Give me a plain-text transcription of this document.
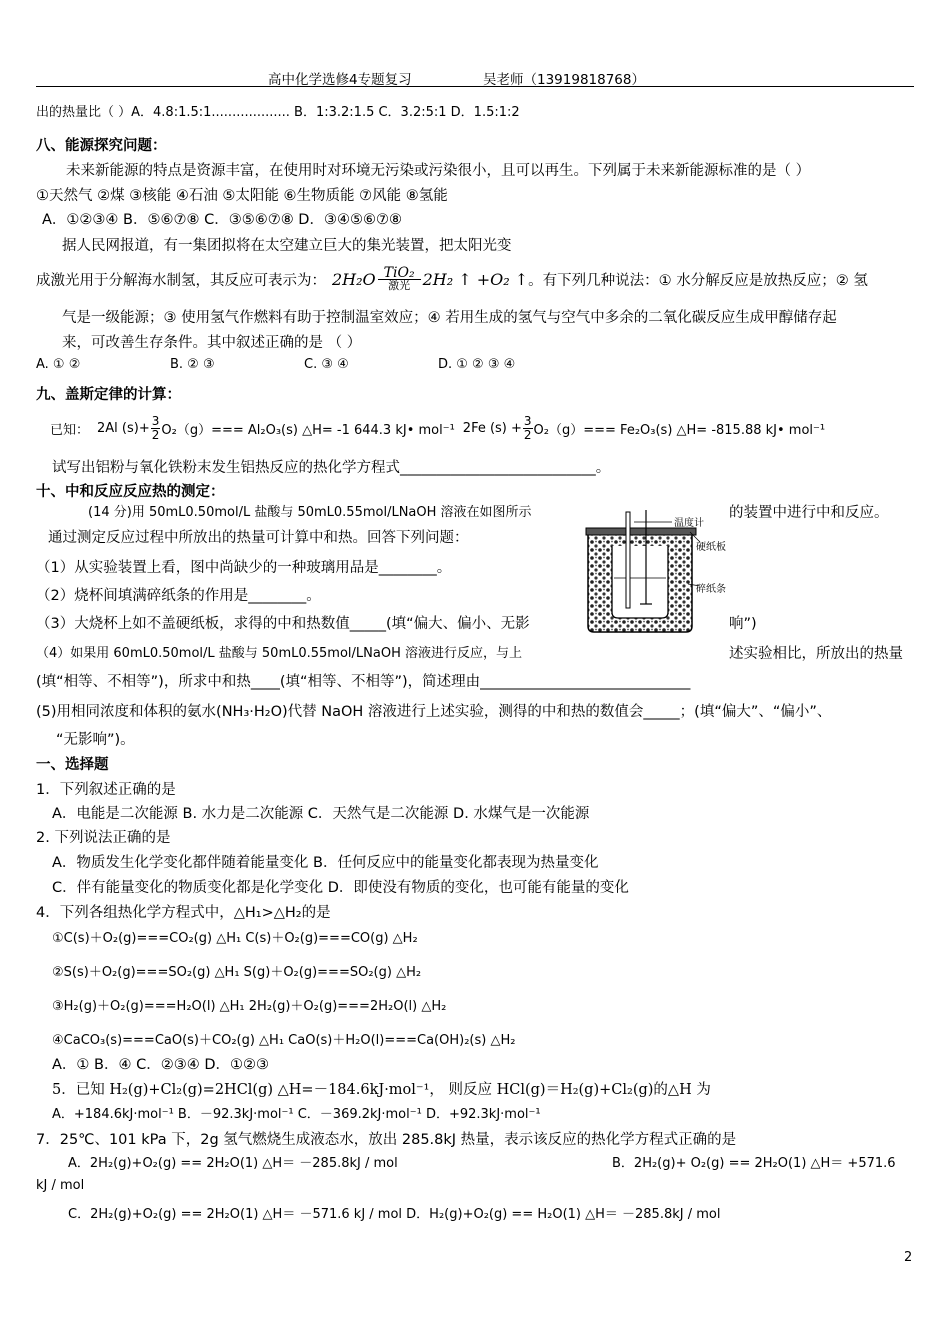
高中化学选修4专题复习	吴老师（13919818768）
出的热量比（ ）A．4.8:1.5:1................... B．1:3.2:1.5 C．3.2:5:1 D．1.5:1:2
八、能源探究问题：
未来新能源的特点是资源丰富，在使用时对环境无污染或污染很小，且可以再生。下列属于未来新能源标准的是（ ）
①天然气 ②煤 ③核能 ④石油 ⑤太阳能 ⑥生物质能 ⑦风能 ⑧氢能
A．①②③④ B．⑤⑥⑦⑧ C．③⑤⑥⑦⑧ D．③④⑤⑥⑦⑧
据人民网报道，有一集团拟将在太空建立巨大的集光装置，把太阳光变
成激光用于分解海水制氢，其反应可表示为： 2H₂O TiO₂
激光 2H₂ ↑ +O₂ ↑ 。有下列几种说法：① 水分解反应是放热反应；② 氢
气是一级能源；③ 使用氢气作燃料有助于控制温室效应；④ 若用生成的氢气与空气中多余的二氧化碳反应生成甲醇储存起
来，可改善生存条件。其中叙述正确的是 （ ）
A. ① ②	B. ② ③	C. ③ ④	D. ① ② ③ ④
九、盖斯定律的计算：
已知： 2Al $(s)+ \frac{3}{2} O_2(g)=== Al_2O_3(s)$ △H= -1 644.3 kJ• mol⁻¹ 2Fe $(s) + \frac{3}{2} O_2(g)=== Fe_2O_3(s)$ △H= -815.88 kJ• mol⁻¹
试写出铝粉与氧化铁粉末发生铝热反应的热化学方程式___________________________。
十、中和反应反应热的测定：
(14 分)用 50mL0.50mol/L 盐酸与 50mL0.55mol/LNaOH 溶液在如图所示	的装置中进行中和反应。
通过测定反应过程中所放出的热量可计算中和热。回答下列问题：
（1）从实验装置上看，图中尚缺少的一种玻璃用品是________。
（2）烧杯间填满碎纸条的作用是________。
（3）大烧杯上如不盖硬纸板，求得的中和热数值_____(填“偏大、偏小、无影	响”)
（4）如果用 60mL0.50mol/L 盐酸与 50mL0.55mol/LNaOH 溶液进行反应，与上	述实验相比，所放出的热量
(填“相等、不相等”)，所求中和热____(填“相等、不相等”)，简述理由_____________________________
(5)用相同浓度和体积的氨水(NH₃·H₂O)代替 NaOH 溶液进行上述实验，测得的中和热的数值会_____；(填“偏大”、“偏小”、
“无影响”)。
温度计
硬纸板
碎纸条
一、选择题
1．下列叙述正确的是
A．电能是二次能源 B. 水力是二次能源 C．天然气是二次能源 D. 水煤气是一次能源
2. 下列说法正确的是
A．物质发生化学变化都伴随着能量变化 B．任何反应中的能量变化都表现为热量变化
C．伴有能量变化的物质变化都是化学变化 D．即使没有物质的变化，也可能有能量的变化
4．下列各组热化学方程式中，△H₁>△H₂的是
①C(s)＋O₂(g)===CO₂(g) △H₁ C(s)＋O₂(g)===CO(g) △H₂
②S(s)＋O₂(g)===SO₂(g) △H₁ S(g)＋O₂(g)===SO₂(g) △H₂
③H₂(g)＋O₂(g)===H₂O(l) △H₁ 2H₂(g)＋O₂(g)===2H₂O(l) △H₂
④CaCO₃(s)===CaO(s)＋CO₂(g) △H₁ CaO(s)＋H₂O(l)===Ca(OH)₂(s) △H₂
A．① B．④ C．②③④ D．①②③
5．已知 H₂(g)+Cl₂(g)=2HCl(g) △H=－184.6kJ·mol⁻¹， 则反应 HCl(g)＝H₂(g)+Cl₂(g)的△H 为
A．+184.6kJ·mol⁻¹ B．－92.3kJ·mol⁻¹ C．－369.2kJ·mol⁻¹ D．+92.3kJ·mol⁻¹
7．25℃、101 kPa 下，2g 氢气燃烧生成液态水，放出 285.8kJ 热量，表示该反应的热化学方程式正确的是
A．2H₂(g)+O₂(g) == 2H₂O(1) △H＝ －285.8kJ / mol	B．2H₂(g)+ O₂(g) == 2H₂O(1) △H＝ +571.6
kJ / mol
C．2H₂(g)+O₂(g) == 2H₂O(1) △H＝ －571.6 kJ / mol D．H₂(g)+O₂(g) == H₂O(1) △H＝ －285.8kJ / mol
2
